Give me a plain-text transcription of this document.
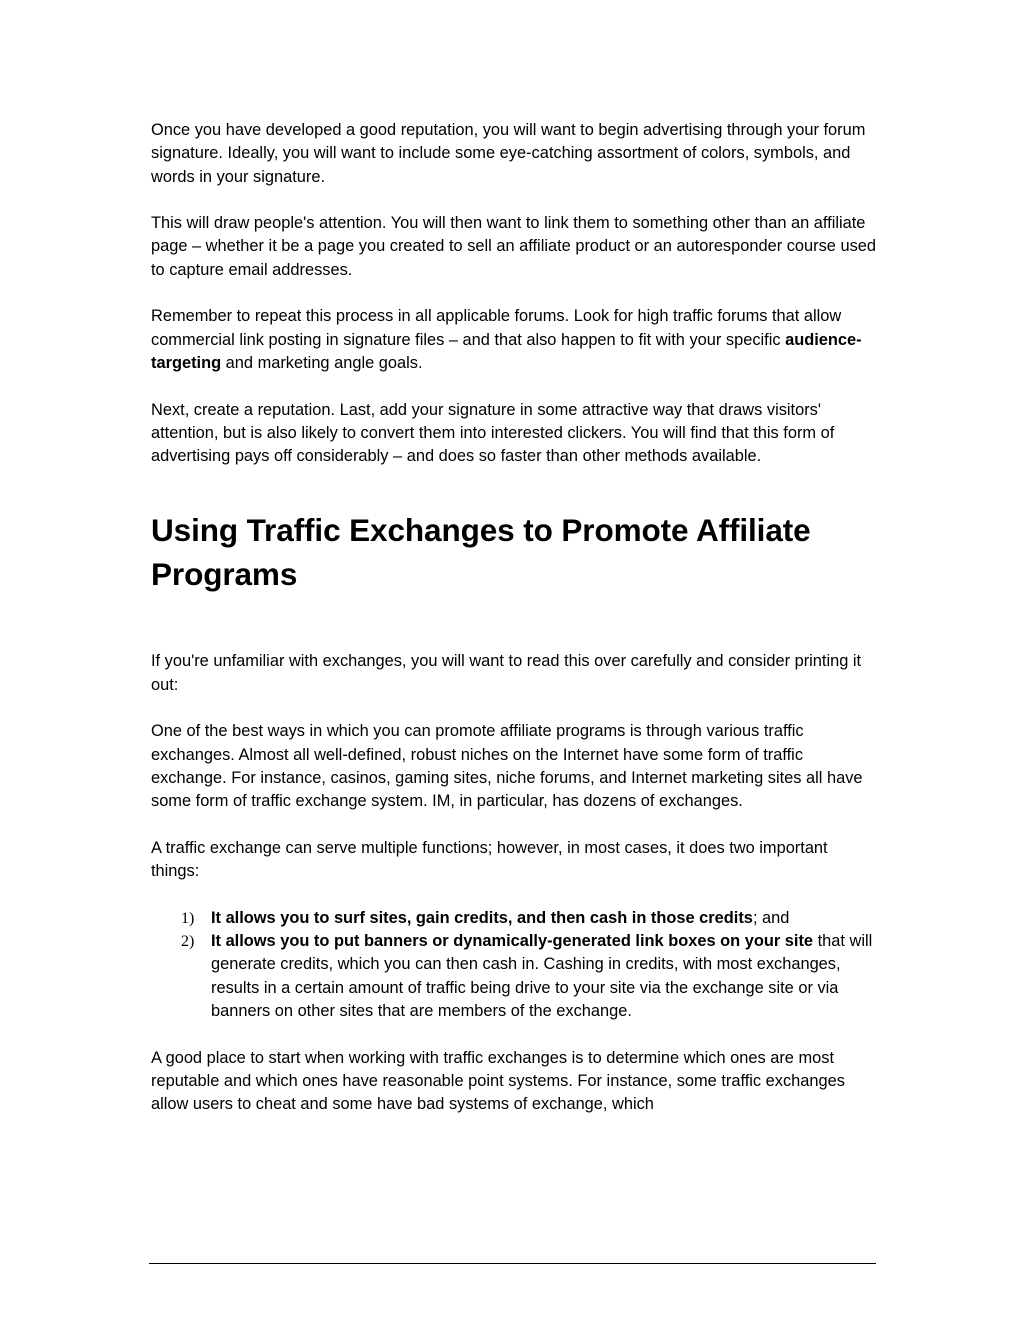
Once you have developed a good reputation, you will want to begin advertising through your forum signature. Ideally, you will want to include some eye-catching assortment of colors, symbols, and words in your signature.

This will draw people's attention. You will then want to link them to something other than an affiliate page – whether it be a page you created to sell an affiliate product or an autoresponder course used to capture email addresses.

Remember to repeat this process in all applicable forums. Look for high traffic forums that allow commercial link posting in signature files – and that also happen to fit with your specific audience-targeting and marketing angle goals.

Next, create a reputation. Last, add your signature in some attractive way that draws visitors' attention, but is also likely to convert them into interested clickers. You will find that this form of advertising pays off considerably – and does so faster than other methods available.

Using Traffic Exchanges to Promote Affiliate Programs

If you're unfamiliar with exchanges, you will want to read this over carefully and consider printing it out:

One of the best ways in which you can promote affiliate programs is through various traffic exchanges. Almost all well-defined, robust niches on the Internet have some form of traffic exchange. For instance, casinos, gaming sites, niche forums, and Internet marketing sites all have some form of traffic exchange system. IM, in particular, has dozens of exchanges.

A traffic exchange can serve multiple functions; however, in most cases, it does two important things:

1) It allows you to surf sites, gain credits, and then cash in those credits; and
2) It allows you to put banners or dynamically-generated link boxes on your site that will generate credits, which you can then cash in. Cashing in credits, with most exchanges, results in a certain amount of traffic being drive to your site via the exchange site or via banners on other sites that are members of the exchange.

A good place to start when working with traffic exchanges is to determine which ones are most reputable and which ones have reasonable point systems. For instance, some traffic exchanges allow users to cheat and some have bad systems of exchange, which
